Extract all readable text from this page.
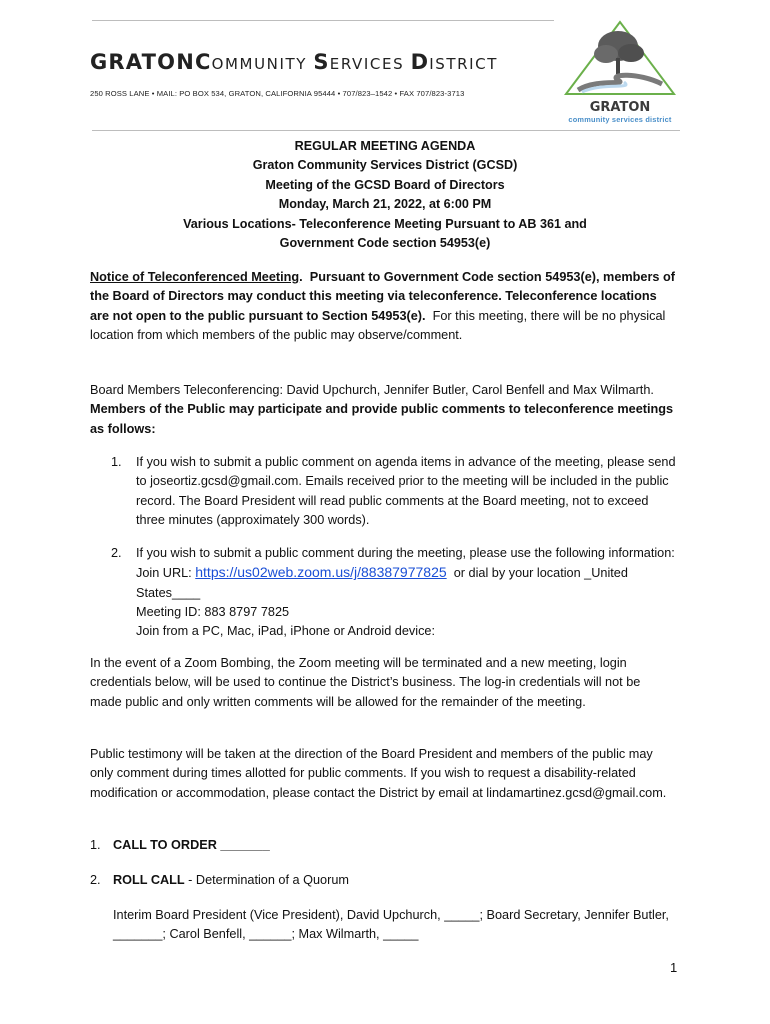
GRATONCOMMUNITY SERVICES DISTRICT
250 ROSS LANE • MAIL: PO BOX 534, GRATON, CALIFORNIA 95444 • 707/823–1542 • FAX 707/823-3713
GRATON
community services district
REGULAR MEETING AGENDA
Graton Community Services District (GCSD)
Meeting of the GCSD Board of Directors
Monday, March 21, 2022, at 6:00 PM
Various Locations- Teleconference Meeting Pursuant to AB 361 and
Government Code section 54953(e)
Notice of Teleconferenced Meeting. Pursuant to Government Code section 54953(e), members of the Board of Directors may conduct this meeting via teleconference. Teleconference locations are not open to the public pursuant to Section 54953(e). For this meeting, there will be no physical location from which members of the public may observe/comment.
Board Members Teleconferencing: David Upchurch, Jennifer Butler, Carol Benfell and Max Wilmarth. Members of the Public may participate and provide public comments to teleconference meetings as follows:
1. If you wish to submit a public comment on agenda items in advance of the meeting, please send to joseortiz.gcsd@gmail.com. Emails received prior to the meeting will be included in the public record. The Board President will read public comments at the Board meeting, not to exceed three minutes (approximately 300 words).
2. If you wish to submit a public comment during the meeting, please use the following information: Join URL: https://us02web.zoom.us/j/88387977825 or dial by your location _United States____
Meeting ID: 883 8797 7825
Join from a PC, Mac, iPad, iPhone or Android device:
In the event of a Zoom Bombing, the Zoom meeting will be terminated and a new meeting, login credentials below, will be used to continue the District’s business. The log-in credentials will not be made public and only written comments will be allowed for the remainder of the meeting.
Public testimony will be taken at the direction of the Board President and members of the public may only comment during times allotted for public comments. If you wish to request a disability-related modification or accommodation, please contact the District by email at lindamartinez.gcsd@gmail.com.
1. CALL TO ORDER _______
2. ROLL CALL - Determination of a Quorum
Interim Board President (Vice President), David Upchurch, _____; Board Secretary, Jennifer Butler, _______; Carol Benfell, ______; Max Wilmarth, _____
1
